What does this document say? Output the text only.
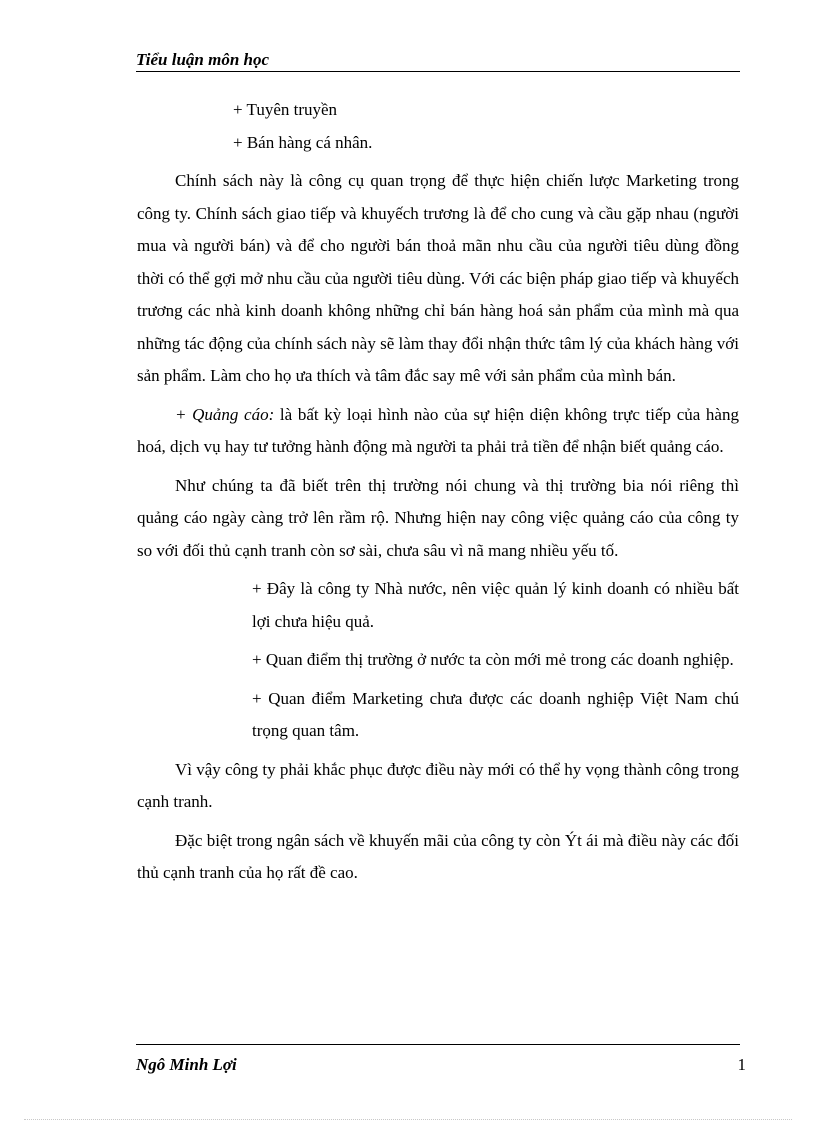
Tiểu luận môn học

+ Tuyên truyền

+ Bán hàng cá nhân.

Chính sách này là công cụ quan trọng để thực hiện chiến lược Marketing trong công ty. Chính sách giao tiếp và khuyếch trương là để cho cung và cầu gặp nhau (người mua và người bán) và để cho người bán thoả mãn nhu cầu của người tiêu dùng đồng thời có thể gợi mở nhu cầu của người tiêu dùng. Với các biện pháp giao tiếp và khuyếch trương các nhà kinh doanh không những chỉ bán hàng hoá sản phẩm của mình mà qua những tác động của chính sách này sẽ làm thay đổi nhận thức tâm lý của khách hàng với sản phẩm. Làm cho họ ưa thích và tâm đắc say mê với sản phẩm của mình bán.

+ Quảng cáo: là bất kỳ loại hình nào của sự hiện diện không trực tiếp của hàng hoá, dịch vụ hay tư tưởng hành động mà người ta phải trả tiền để nhận biết quảng cáo.

Như chúng ta đã biết trên thị trường nói chung và thị trường bia nói riêng thì quảng cáo ngày càng trở lên rầm rộ. Nhưng hiện nay công việc quảng cáo của công ty so với đối thủ cạnh tranh còn sơ sài, chưa sâu vì nã mang nhiều yếu tố.

+ Đây là công ty Nhà nước, nên việc quản lý kinh doanh có nhiều bất lợi chưa hiệu quả.

+ Quan điểm thị trường ở nước ta còn mới mẻ trong các doanh nghiệp.

+ Quan điểm Marketing chưa được các doanh nghiệp Việt Nam chú trọng quan tâm.

Vì vậy công ty phải khắc phục được điều này mới có thể hy vọng thành công trong cạnh tranh.

Đặc biệt trong ngân sách về khuyến mãi của công ty còn Ýt ái mà điều này các đối thủ cạnh tranh của họ rất đề cao.

Ngô Minh Lợi	1
